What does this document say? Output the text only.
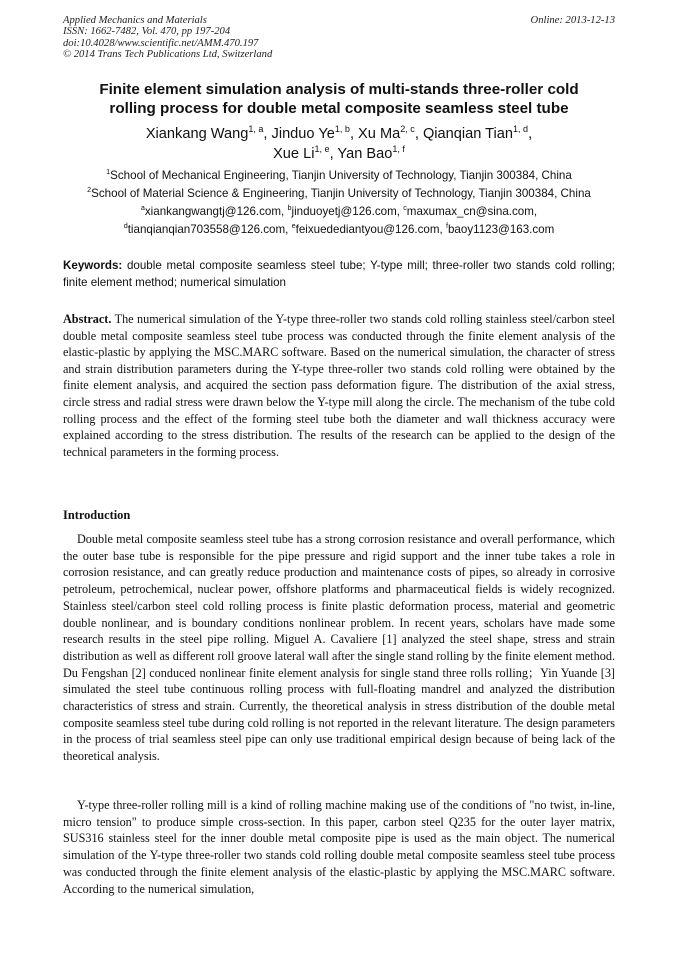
Applied Mechanics and Materials	Online: 2013-12-13
ISSN: 1662-7482, Vol. 470, pp 197-204
doi:10.4028/www.scientific.net/AMM.470.197
© 2014 Trans Tech Publications Ltd, Switzerland
Finite element simulation analysis of multi-stands three-roller cold
rolling process for double metal composite seamless steel tube
Xiankang Wang$^{1, a}$, Jinduo Ye$^{1, b}$, Xu Ma$^{2, c}$, Qianqian Tian$^{1, d}$,
Xue Li$^{1, e}$, Yan Bao$^{1, f}$
$^1$School of Mechanical Engineering, Tianjin University of Technology, Tianjin 300384, China
$^2$School of Material Science & Engineering, Tianjin University of Technology, Tianjin 300384, China
$^a$xiankangwangtj@126.com, $^b$jinduoyetj@126.com, $^c$maxumax_cn@sina.com,
$^d$tianqianqian703558@126.com, $^e$feixuedediantyou@126.com, $^f$baoy1123@163.com
Keywords: double metal composite seamless steel tube; Y-type mill; three-roller two stands cold rolling; finite element method; numerical simulation
Abstract. The numerical simulation of the Y-type three-roller two stands cold rolling stainless steel/carbon steel double metal composite seamless steel tube process was conducted through the finite element analysis of the elastic-plastic by applying the MSC.MARC software. Based on the numerical simulation, the character of stress and strain distribution parameters during the Y-type three-roller two stands cold rolling were obtained by the finite element analysis, and acquired the section pass deformation figure. The distribution of the axial stress, circle stress and radial stress were drawn below the Y-type mill along the circle. The mechanism of the tube cold rolling process and the effect of the forming steel tube both the diameter and wall thickness accuracy were explained according to the stress distribution. The results of the research can be applied to the design of the technical parameters in the forming process.
Introduction
Double metal composite seamless steel tube has a strong corrosion resistance and overall performance, which the outer base tube is responsible for the pipe pressure and rigid support and the inner tube takes a role in corrosion resistance, and can greatly reduce production and maintenance costs of pipes, so already in corrosive petroleum, petrochemical, nuclear power, offshore platforms and pharmaceutical fields is widely recognized. Stainless steel/carbon steel cold rolling process is finite plastic deformation process, material and geometric double nonlinear, and is boundary conditions nonlinear problem. In recent years, scholars have made some research results in the steel pipe rolling. Miguel A. Cavaliere [1] analyzed the steel shape, stress and strain distribution as well as different roll groove lateral wall after the single stand rolling by the finite element method. Du Fengshan [2] conduced nonlinear finite element analysis for single stand three rolls rolling；Yin Yuande [3] simulated the steel tube continuous rolling process with full-floating mandrel and analyzed the distribution characteristics of stress and strain. Currently, the theoretical analysis in stress distribution of the double metal composite seamless steel tube during cold rolling is not reported in the relevant literature. The design parameters in the process of trial seamless steel pipe can only use traditional empirical design because of being lack of the theoretical analysis.
Y-type three-roller rolling mill is a kind of rolling machine making use of the conditions of "no twist, in-line, micro tension" to produce simple cross-section. In this paper, carbon steel Q235 for the outer layer matrix, SUS316 stainless steel for the inner double metal composite pipe is used as the main object. The numerical simulation of the Y-type three-roller two stands cold rolling double metal composite seamless steel tube process was conducted through the finite element analysis of the elastic-plastic by applying the MSC.MARC software. According to the numerical simulation,
